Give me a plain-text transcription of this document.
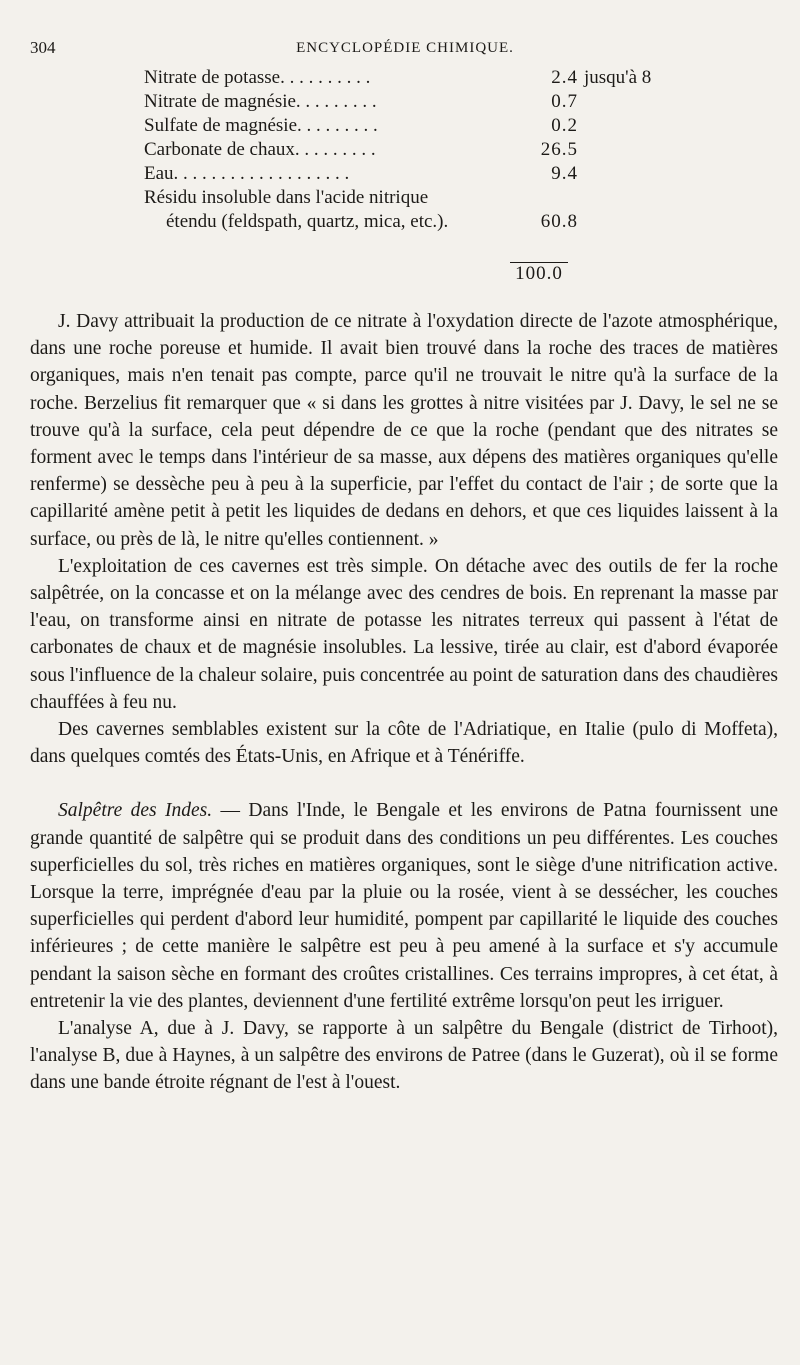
304	ENCYCLOPÉDIE CHIMIQUE.
Nitrate de potasse. . . . . . . . . .	2.4 jusqu'à 8
Nitrate de magnésie. . . . . . . . .	0.7
Sulfate de magnésie. . . . . . . . .	0.2
Carbonate de chaux. . . . . . . . .	26.5
Eau. . . . . . . . . . . . . . . . . . .	9.4
Résidu insoluble dans l'acide nitrique
étendu (feldspath, quartz, mica, etc.).	60.8
100.0

J. Davy attribuait la production de ce nitrate à l'oxydation directe de l'azote atmosphérique, dans une roche poreuse et humide. Il avait bien trouvé dans la roche des traces de matières organiques, mais n'en tenait pas compte, parce qu'il ne trouvait le nitre qu'à la surface de la roche. Berzelius fit remarquer que « si dans les grottes à nitre visitées par J. Davy, le sel ne se trouve qu'à la surface, cela peut dépendre de ce que la roche (pendant que des nitrates se forment avec le temps dans l'intérieur de sa masse, aux dépens des matières organiques qu'elle renferme) se dessèche peu à peu à la superficie, par l'effet du contact de l'air ; de sorte que la capillarité amène petit à petit les liquides de dedans en dehors, et que ces liquides laissent à la surface, ou près de là, le nitre qu'elles contiennent. »

L'exploitation de ces cavernes est très simple. On détache avec des outils de fer la roche salpêtrée, on la concasse et on la mélange avec des cendres de bois. En reprenant la masse par l'eau, on transforme ainsi en nitrate de potasse les nitrates terreux qui passent à l'état de carbonates de chaux et de magnésie insolubles. La lessive, tirée au clair, est d'abord évaporée sous l'influence de la chaleur solaire, puis concentrée au point de saturation dans des chaudières chauffées à feu nu.

Des cavernes semblables existent sur la côte de l'Adriatique, en Italie (pulo di Moffeta), dans quelques comtés des États-Unis, en Afrique et à Ténériffe.

Salpêtre des Indes. — Dans l'Inde, le Bengale et les environs de Patna fournissent une grande quantité de salpêtre qui se produit dans des conditions un peu différentes. Les couches superficielles du sol, très riches en matières organiques, sont le siège d'une nitrification active. Lorsque la terre, imprégnée d'eau par la pluie ou la rosée, vient à se dessécher, les couches superficielles qui perdent d'abord leur humidité, pompent par capillarité le liquide des couches inférieures ; de cette manière le salpêtre est peu à peu amené à la surface et s'y accumule pendant la saison sèche en formant des croûtes cristallines. Ces terrains impropres, à cet état, à entretenir la vie des plantes, deviennent d'une fertilité extrême lorsqu'on peut les irriguer.

L'analyse A, due à J. Davy, se rapporte à un salpêtre du Bengale (district de Tirhoot), l'analyse B, due à Haynes, à un salpêtre des environs de Patree (dans le Guzerat), où il se forme dans une bande étroite régnant de l'est à l'ouest.
